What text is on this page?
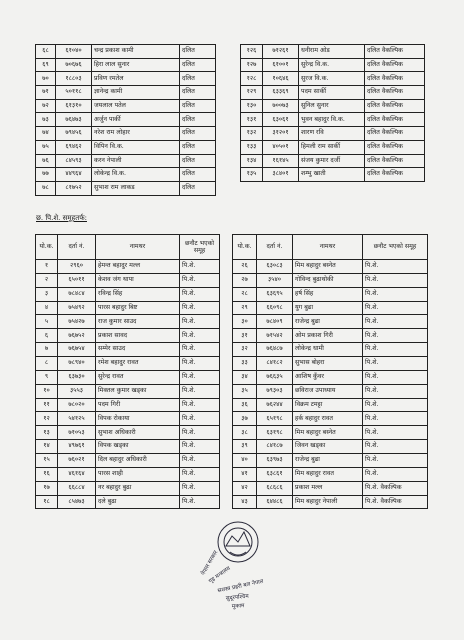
६८	६१०४०	चन्द्र प्रकाश कामी	दलित
६९	७०६७६	हिरा लाल सुनार	दलित
७०	१८८०३	प्रविण रमतेल	दलित
७१	५०११८	ज्ञानेन्द्र कामी	दलित
७२	६१३१०	जयलाल पतेल	दलित
७३	७६४७३	अर्जुन पार्की	दलित
७४	७९४५६	नरेश राम लोहार	दलित
७५	६९४६२	विपिन वि.क.	दलित
७६	८४५९३	करन नेपाली	दलित
७७	४४९६४	लोकेन्द्र वि.क.	दलित
७८	८१७५२	सुभाश राम लाकड	दलित
१२६	७१२६१	धनीराम ओड	दलित वैकल्पिक
१२७	६१००१	सुरेन्द्र वि.क.	दलित वैकल्पिक
१२८	१०६४६	सुरज वि.क.	दलित वैकल्पिक
१२९	६३३६९	पदम सार्की	दलित वैकल्पिक
१३०	७००७३	सुनिल सुनार	दलित वैकल्पिक
१३१	६३०६१	भुवन बहादुर वि.क.	दलित वैकल्पिक
१३२	३१२०१	शारण रवि	दलित वैकल्पिक
१३३	४०५०१	हिमली राम सार्की	दलित वैकल्पिक
१३४	१६१४५	संजय कुमार दर्जी	दलित वैकल्पिक
१३५	३८४०१	शम्भु खाती	दलित वैकल्पिक

छ. पि.शे. समूहतर्फ:

यो.क.	दर्ता नं.	नामथर	छनौट भएको समूह
१	२९६०	हेमन्त बहादुर मल्ल	पि.शे.
२	६५०११	केशव जंग थापा	पि.शे.
३	७८४८४	रविन्द्र सिंह	पि.शे.
४	७५४९२	पारस बहादुर बिष्ट	पि.शे.
५	७५४२७	राज कुमार साउद	पि.शे.
६	७६७५२	प्रकाश सावद	पि.शे.
७	७६७५४	सम्मेर साउद	पि.शे.
८	७८९४०	रमेश बहादुर रावत	पि.शे.
९	६३७३०	सुरेन्द्र रावत	पि.शे.
१०	३५५३	मिक्तल कुमार खड्का	पि.शे.
११	७८०२०	पदम गिरी	पि.शे.
१२	५४१२५	विपक रोकाया	पि.शे.
१३	७१०५३	सुभाश अधिकारी	पि.शे.
१४	४९७६१	विपक खड्का	पि.शे.
१५	७६०२१	दिल बहादुर अधिकारी	पि.शे.
१६	४६१६४	पारस शाही	पि.शे.
१७	६६८८४	नर बहादुर बुढा	पि.शे.
१८	८५४७३	दले बुढा	पि.शे.
यो.क.	दर्ता नं.	नामथर	छनौट भएको समूह
२६	६३०८३	मिम बहादुर बस्नेत	पि.शे.
२७	३५४०	गोविन्द बुढाथोकी	पि.शे.
२८	६३६९५	हर्ष सिंह	पि.शे.
२९	६६०९८	युग बुढा	पि.शे.
३०	७८४०९	राजेन्द्र बुढा	पि.शे.
३१	७१५४२	ओम प्रकाश गिरी	पि.शे.
३२	७६४८७	लोकेन्द्र धामी	पि.शे.
३३	८४१८२	सुभास बोहरा	पि.शे.
३४	७६६३५	आशिष कुँवर	पि.शे.
३५	७९३०३	छविराज उपाध्याय	पि.शे.
३६	७६२४४	विक्रम टमट्टा	पि.शे.
३७	६५१९८	हर्क बहादुर रावत	पि.शे.
३८	६३१९८	मिम बहादुर बस्नेत	पि.शे.
३९	८४१८७	जिवन खड्का	पि.शे.
४०	६३९७३	राजेन्द्र बुढा	पि.शे.
४१	६३८६१	मिम बहादुर रावत	पि.शे.
४२	६८६८६	प्रकाश मल्ल	पि.शे. वैकल्पिक
४३	६४४८६	मिम बहादुर नेपाली	पि.शे. वैकल्पिक
नेपाल सरकार
गृह मन्त्रालय
सशस्त्र प्रहरी बल नेपाल
सुदूरपश्चिम
मुकाम
